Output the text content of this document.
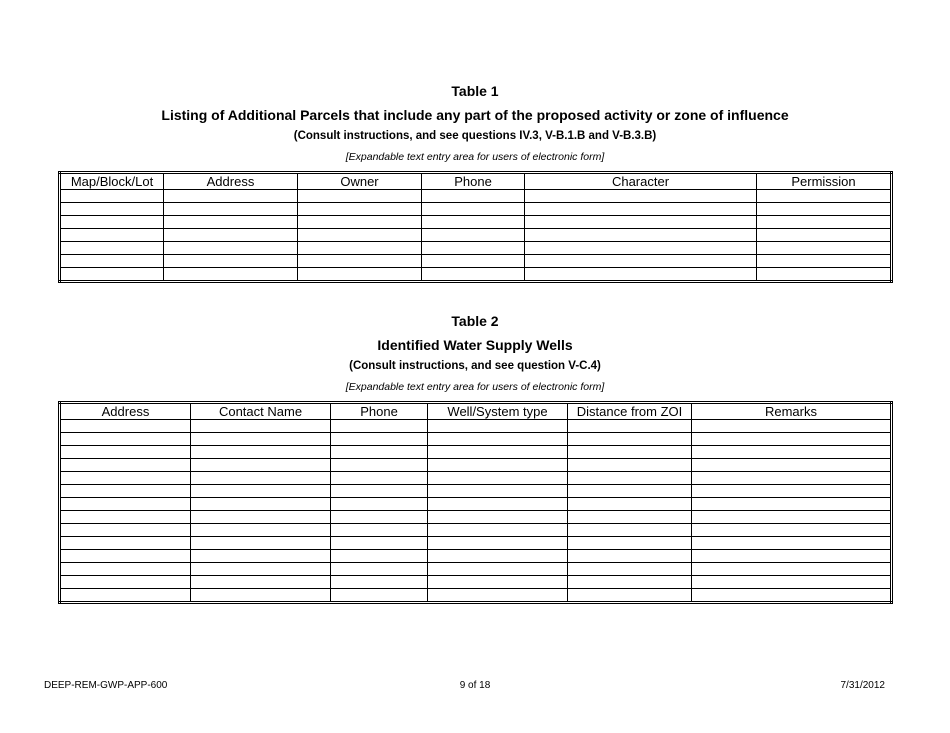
Table 1
Listing of Additional Parcels that include any part of the proposed activity or zone of influence
(Consult instructions, and see questions IV.3, V-B.1.B and V-B.3.B)
[Expandable text entry area for users of electronic form]
Map/Block/Lot	Address	Owner	Phone	Character	Permission

Table 2
Identified Water Supply Wells
(Consult instructions, and see question V-C.4)
[Expandable text entry area for users of electronic form]
Address	Contact Name	Phone	Well/System type	Distance from ZOI	Remarks

DEEP-REM-GWP-APP-600	9 of 18	7/31/2012
